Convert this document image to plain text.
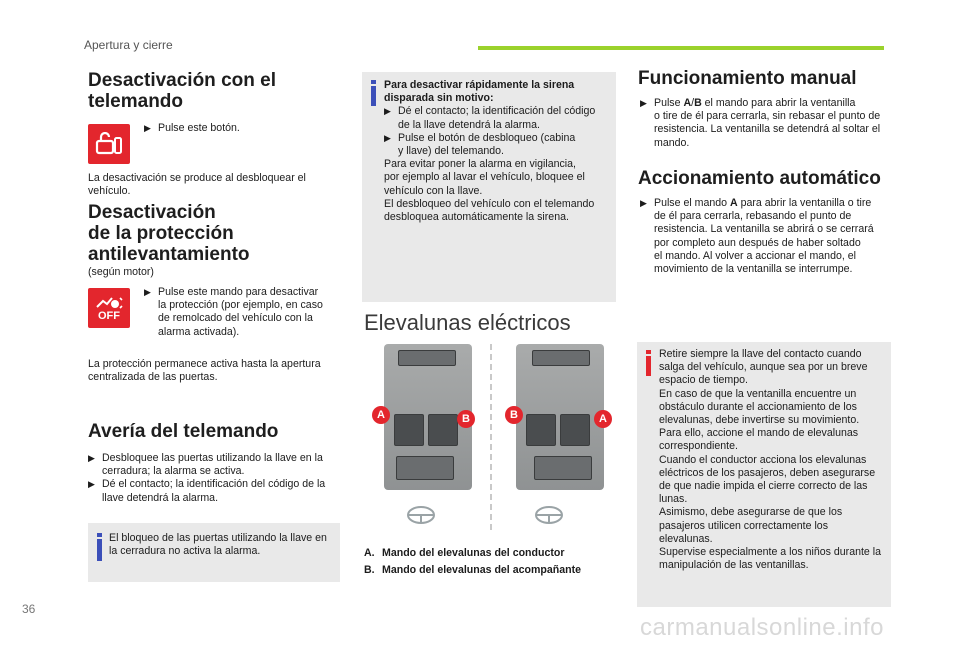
Apertura y cierre
Desactivación con el telemando
▶ Pulse este botón.

La desactivación se produce al desbloquear el vehículo.

Desactivación
de la protección
antilevantamiento
(según motor)
OFF
▶ Pulse este mando para desactivar
la protección (por ejemplo, en caso
de remolcado del vehículo con la
alarma activada).
La protección permanece activa hasta la apertura
centralizada de las puertas.
Avería del telemando
▶ Desbloquee las puertas utilizando la llave en la
cerradura; la alarma se activa.
▶ Dé el contacto; la identificación del código de la
llave detendrá la alarma.
El bloqueo de las puertas utilizando la llave en
la cerradura no activa la alarma.
Para desactivar rápidamente la sirena
disparada sin motivo:
▶ Dé el contacto; la identificación del código
de la llave detendrá la alarma.
▶ Pulse el botón de desbloqueo (cabina
y llave) del telemando.
Para evitar poner la alarma en vigilancia,
por ejemplo al lavar el vehículo, bloquee el
vehículo con la llave.
El desbloqueo del vehículo con el telemando
desbloquea automáticamente la sirena.
Elevalunas eléctricos
A	B	B	A
A. Mando del elevalunas del conductor
B. Mando del elevalunas del acompañante
Funcionamiento manual
▶ Pulse A/B el mando para abrir la ventanilla
o tire de él para cerrarla, sin rebasar el punto de
resistencia. La ventanilla se detendrá al soltar el
mando.
Accionamiento automático
▶ Pulse el mando A para abrir la ventanilla o tire
de él para cerrarla, rebasando el punto de
resistencia. La ventanilla se abrirá o se cerrará
por completo aun después de haber soltado
el mando. Al volver a accionar el mando, el
movimiento de la ventanilla se interrumpe.
Retire siempre la llave del contacto cuando
salga del vehículo, aunque sea por un breve
espacio de tiempo.
En caso de que la ventanilla encuentre un
obstáculo durante el accionamiento de los
elevalunas, debe invertirse su movimiento.
Para ello, accione el mando de elevalunas
correspondiente.
Cuando el conductor acciona los elevalunas
eléctricos de los pasajeros, deben asegurarse
de que nadie impida el cierre correcto de las
lunas.
Asimismo, debe asegurarse de que los
pasajeros utilicen correctamente los
elevalunas.
Supervise especialmente a los niños durante la
manipulación de las ventanillas.
36
carmanualsonline.info
